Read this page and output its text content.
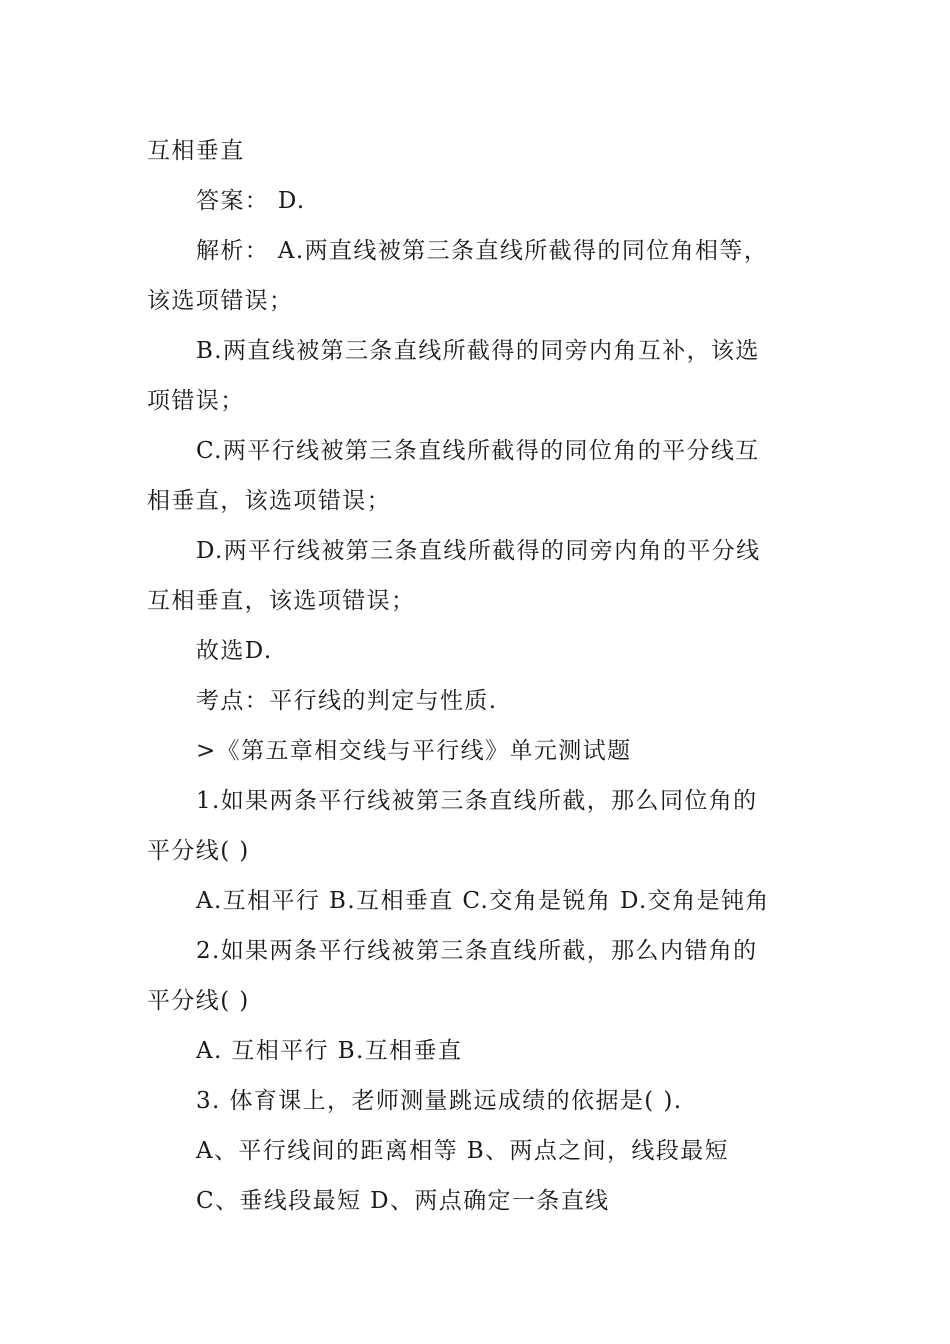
互相垂直
答案： D.
解析： A.两直线被第三条直线所截得的同位角相等，
该选项错误；
B.两直线被第三条直线所截得的同旁内角互补，该选
项错误；
C.两平行线被第三条直线所截得的同位角的平分线互
相垂直，该选项错误；
D.两平行线被第三条直线所截得的同旁内角的平分线
互相垂直，该选项错误；
故选D.
考点：平行线的判定与性质.
>《第五章相交线与平行线》单元测试题
1.如果两条平行线被第三条直线所截，那么同位角的
平分线( )
A.互相平行 B.互相垂直 C.交角是锐角 D.交角是钝角
2.如果两条平行线被第三条直线所截，那么内错角的
平分线( )
A. 互相平行 B.互相垂直
3. 体育课上，老师测量跳远成绩的依据是( ).
A、平行线间的距离相等 B、两点之间，线段最短
C、垂线段最短 D、两点确定一条直线
